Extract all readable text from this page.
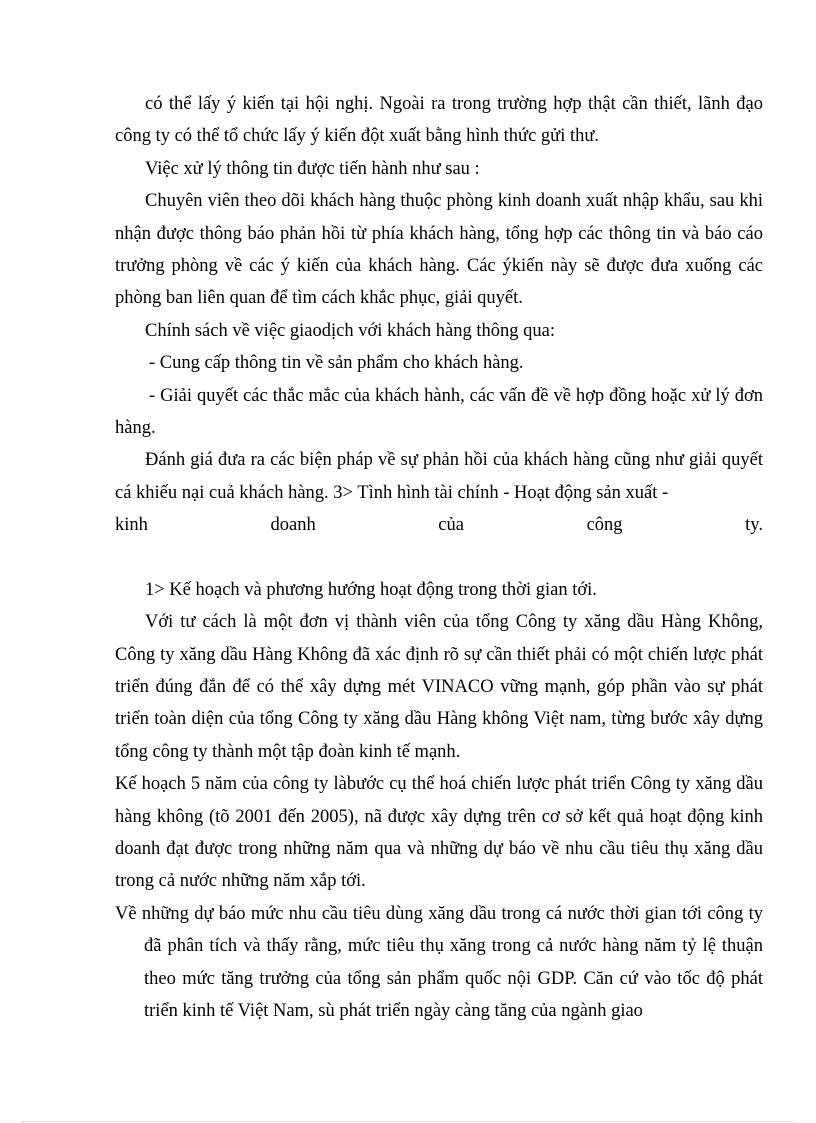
có thể lấy ý kiến tại hội nghị. Ngoài ra trong trường hợp thật cần thiết, lãnh đạo công ty có thể tổ chức lấy ý kiến đột xuất bằng hình thức gửi thư.

Việc xử lý thông tin được tiến hành như sau :

Chuyên viên theo dõi khách hàng thuộc phòng kinh doanh xuất nhập khẩu, sau khi nhận được thông báo phản hồi từ phía khách hàng, tổng hợp các thông tin và báo cáo trưởng phòng về các ý kiến của khách hàng. Các ýkiến này sẽ được đưa xuống các phòng ban liên quan để tìm cách khắc phục, giải quyết.

Chính sách về việc giaodịch với khách hàng thông qua:

- Cung cấp thông tin về sản phẩm cho khách hàng.

- Giải quyết các thắc mắc của khách hành, các vấn đề về hợp đồng hoặc xử lý đơn hàng.

Đánh giá đưa ra các biện pháp về sự phản hồi của khách hàng cũng như giải quyết cá khiếu nại cuả khách hàng. 3> Tình hình tài chính - Hoạt động sản xuất -

kinh	doanh	của	công	ty.

1> Kế hoạch và phương hướng hoạt động trong thời gian tới.

Với tư cách là một đơn vị thành viên của tổng Công ty xăng dầu Hàng Không, Công ty xăng dầu Hàng Không đã xác định rõ sự cần thiết phải có một chiến lược phát triển đúng đắn để có thể xây dựng mét VINACO vững mạnh, góp phần vào sự phát triển toàn diện của tổng Công ty xăng dầu Hàng không Việt nam, từng bước xây dựng tổng công ty thành một tập đoàn kinh tế mạnh.

Kế hoạch 5 năm của công ty làbước cụ thể hoá chiến lược phát triển Công ty xăng dầu hàng không (tõ 2001 đến 2005), nã được xây dựng trên cơ sở kết quả hoạt động kinh doanh đạt được trong những năm qua và những dự báo về nhu cầu tiêu thụ xăng dầu trong cả nước những năm xắp tới.

Về những dự báo mức nhu cầu tiêu dùng xăng dầu trong cá nước thời gian tới công ty đã phân tích và thấy rằng, mức tiêu thụ xăng trong cả nước hàng năm tỷ lệ thuận theo mức tăng trưởng của tổng sản phẩm quốc nội GDP. Căn cứ vào tốc độ phát triển kinh tế Việt Nam, sù phát triển ngày càng tăng của ngành giao
